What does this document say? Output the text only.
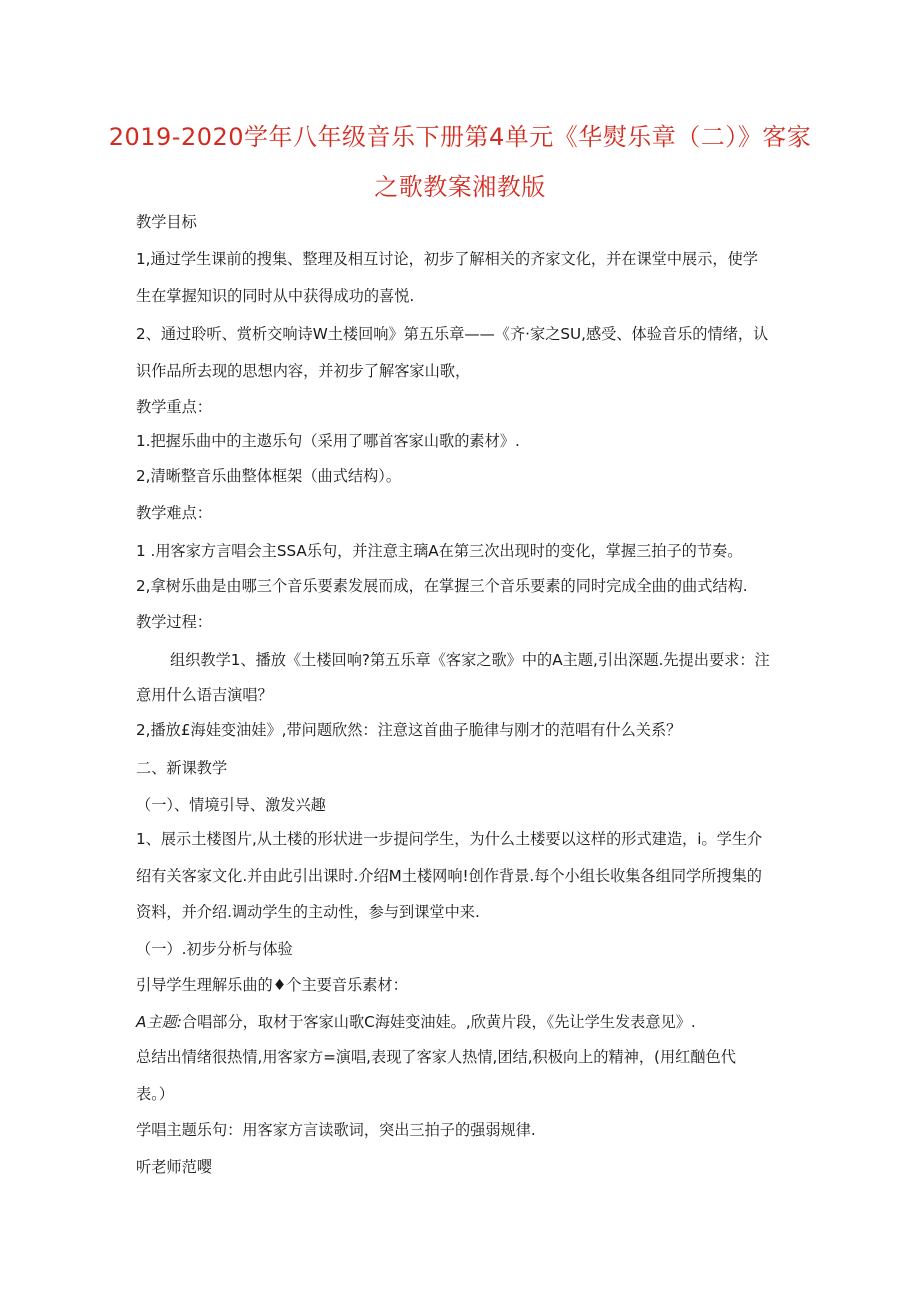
2019-2020学年八年级音乐下册第4单元《华熨乐章（二）》客家
之歌教案湘教版
教学目标
1,通过学生课前的搜集、整理及相互讨论，初步了解相关的齐家文化，并在课堂中展示，使学
生在掌握知识的同时从中获得成功的喜悦.
2、通过聆听、赏析交响诗W土楼回响》第五乐章——《齐·家之SU,感受、体验音乐的情绪，认
识作品所去现的思想内容，并初步了解客家山歌，
教学重点：
1.把握乐曲中的主遨乐句（采用了哪首客家山歌的素材》.
2,清晰整音乐曲整体框架（曲式结构）。
教学难点：
1 .用客家方言唱会主SSA乐句，并注意主璃A在第三次出现时的变化，掌握三拍子的节奏。
2,拿树乐曲是由哪三个音乐要素发展而成，在掌握三个音乐要素的同时完成全曲的曲式结构.
教学过程：
组织教学1、播放《土楼回响?第五乐章《客家之歌》中的A主题,引出深题.先提出要求：注
意用什么语吉演唱？
2,播放£海娃变油娃》,带问题欣然：注意这首曲子脆律与刚才的范唱有什么关系？
二、新课教学
（一）、情境引导、激发兴趣
1、展示土楼图片,从土楼的形状进一步提问学生，为什么土楼要以这样的形式建造，i。学生介
绍有关客家文化.并由此引出课时.介绍M土楼网响!创作背景.每个小组长收集各组同学所搜集的
资料，并介绍.调动学生的主动性，参与到课堂中来.
（一）.初步分析与体验
引导学生理解乐曲的♦个主要音乐素材：
A主题:合唱部分，取材于客家山歌C海娃变油娃。,欣黄片段，《先让学生发表意见》.
总结出情绪很热情,用客家方=演唱,表现了客家人热情,团结,积极向上的精神，(用红酗色代
表。）
学唱主题乐句：用客家方言读歌词，突出三拍子的强弱规律.
听老师范嘤
